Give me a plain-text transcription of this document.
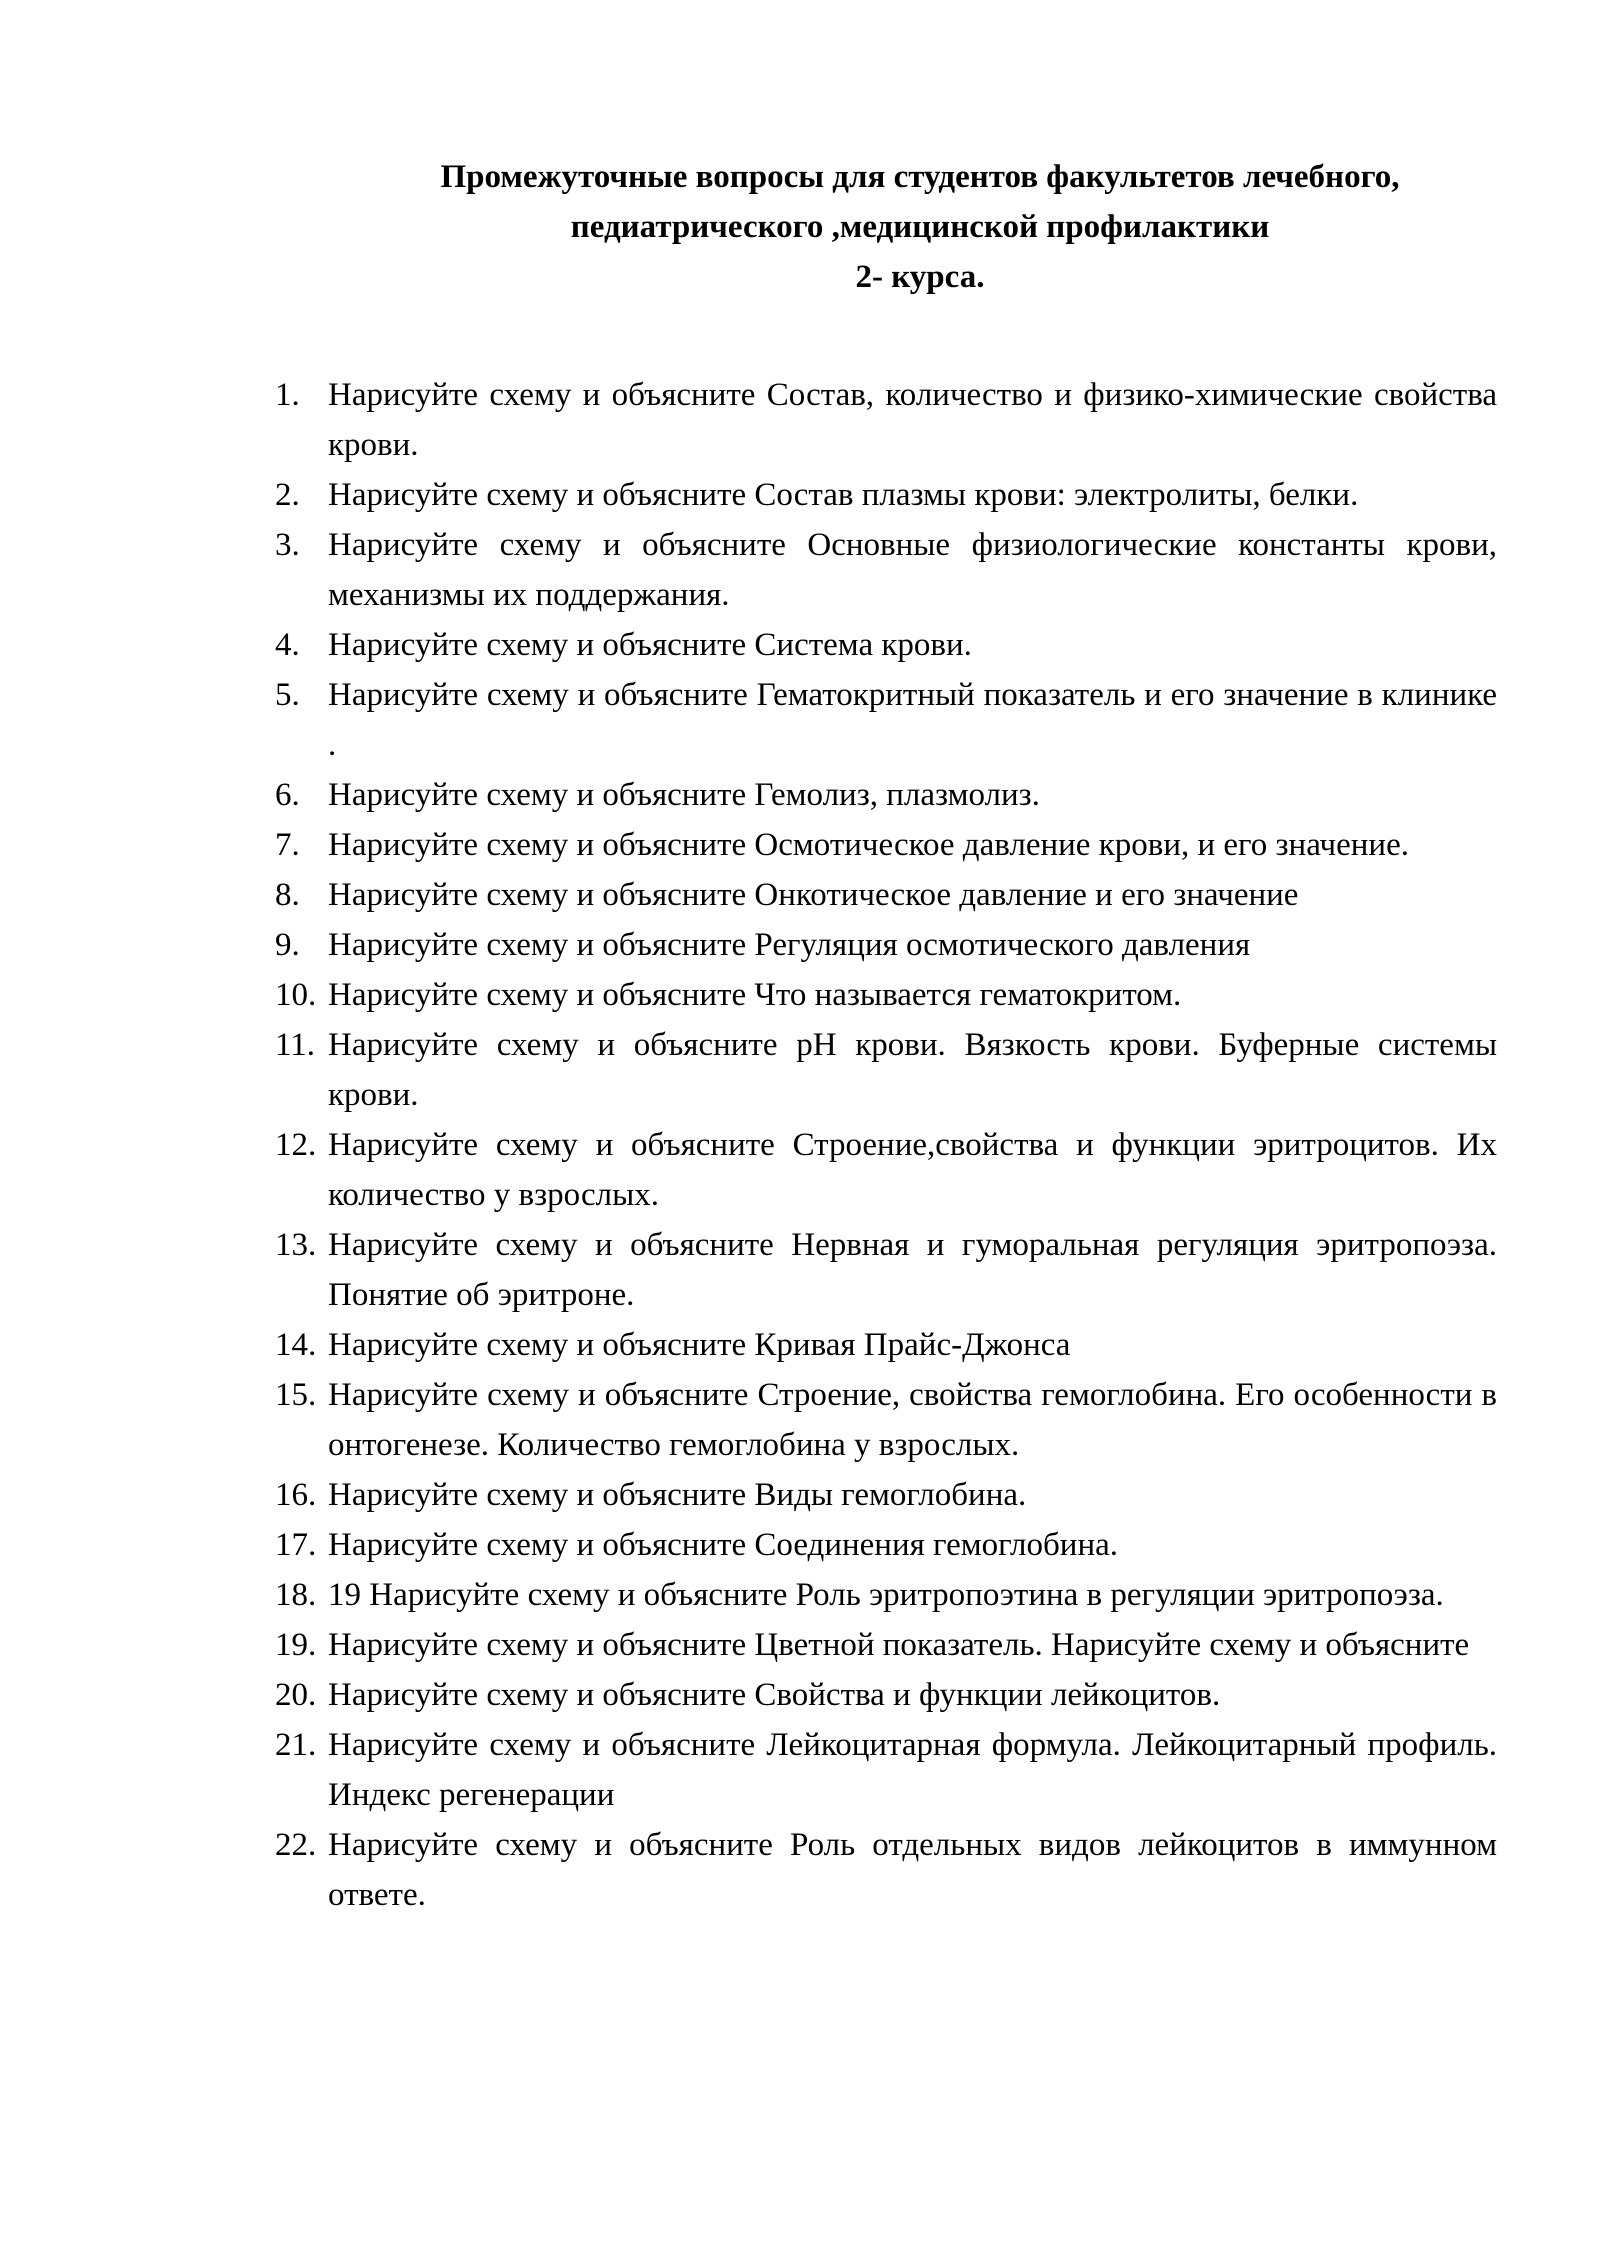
Промежуточные вопросы для студентов факультетов лечебного,
педиатрического ,медицинской профилактики
2- курса.
1. Нарисуйте схему и объясните Состав, количество и физико-химические свойства крови.
2. Нарисуйте схему и объясните Состав плазмы крови: электролиты, белки.
3. Нарисуйте схему и объясните Основные физиологические константы крови, механизмы их поддержания.
4. Нарисуйте схему и объясните Система крови.
5. Нарисуйте схему и объясните Гематокритный показатель и его значение в клинике .
6. Нарисуйте схему и объясните Гемолиз, плазмолиз.
7. Нарисуйте схему и объясните Осмотическое давление крови, и его значение.
8. Нарисуйте схему и объясните Онкотическое давление и его значение
9. Нарисуйте схему и объясните Регуляция осмотического давления
10. Нарисуйте схему и объясните Что называется гематокритом.
11. Нарисуйте схему и объясните рН крови. Вязкость крови. Буферные системы крови.
12. Нарисуйте схему и объясните Строение,свойства и функции эритроцитов. Их количество у взрослых.
13. Нарисуйте схему и объясните Нервная и гуморальная регуляция эритропоэза. Понятие об эритроне.
14. Нарисуйте схему и объясните Кривая Прайс-Джонса
15. Нарисуйте схему и объясните Строение, свойства гемоглобина. Его особенности в онтогенезе. Количество гемоглобина у взрослых.
16. Нарисуйте схему и объясните Виды гемоглобина.
17. Нарисуйте схему и объясните Соединения гемоглобина.
18. 19 Нарисуйте схему и объясните Роль эритропоэтина в регуляции эритропоэза.
19. Нарисуйте схему и объясните Цветной показатель. Нарисуйте схему и объясните
20. Нарисуйте схему и объясните Свойства и функции лейкоцитов.
21. Нарисуйте схему и объясните Лейкоцитарная формула. Лейкоцитарный профиль. Индекс регенерации
22. Нарисуйте схему и объясните Роль отдельных видов лейкоцитов в иммунном ответе.
